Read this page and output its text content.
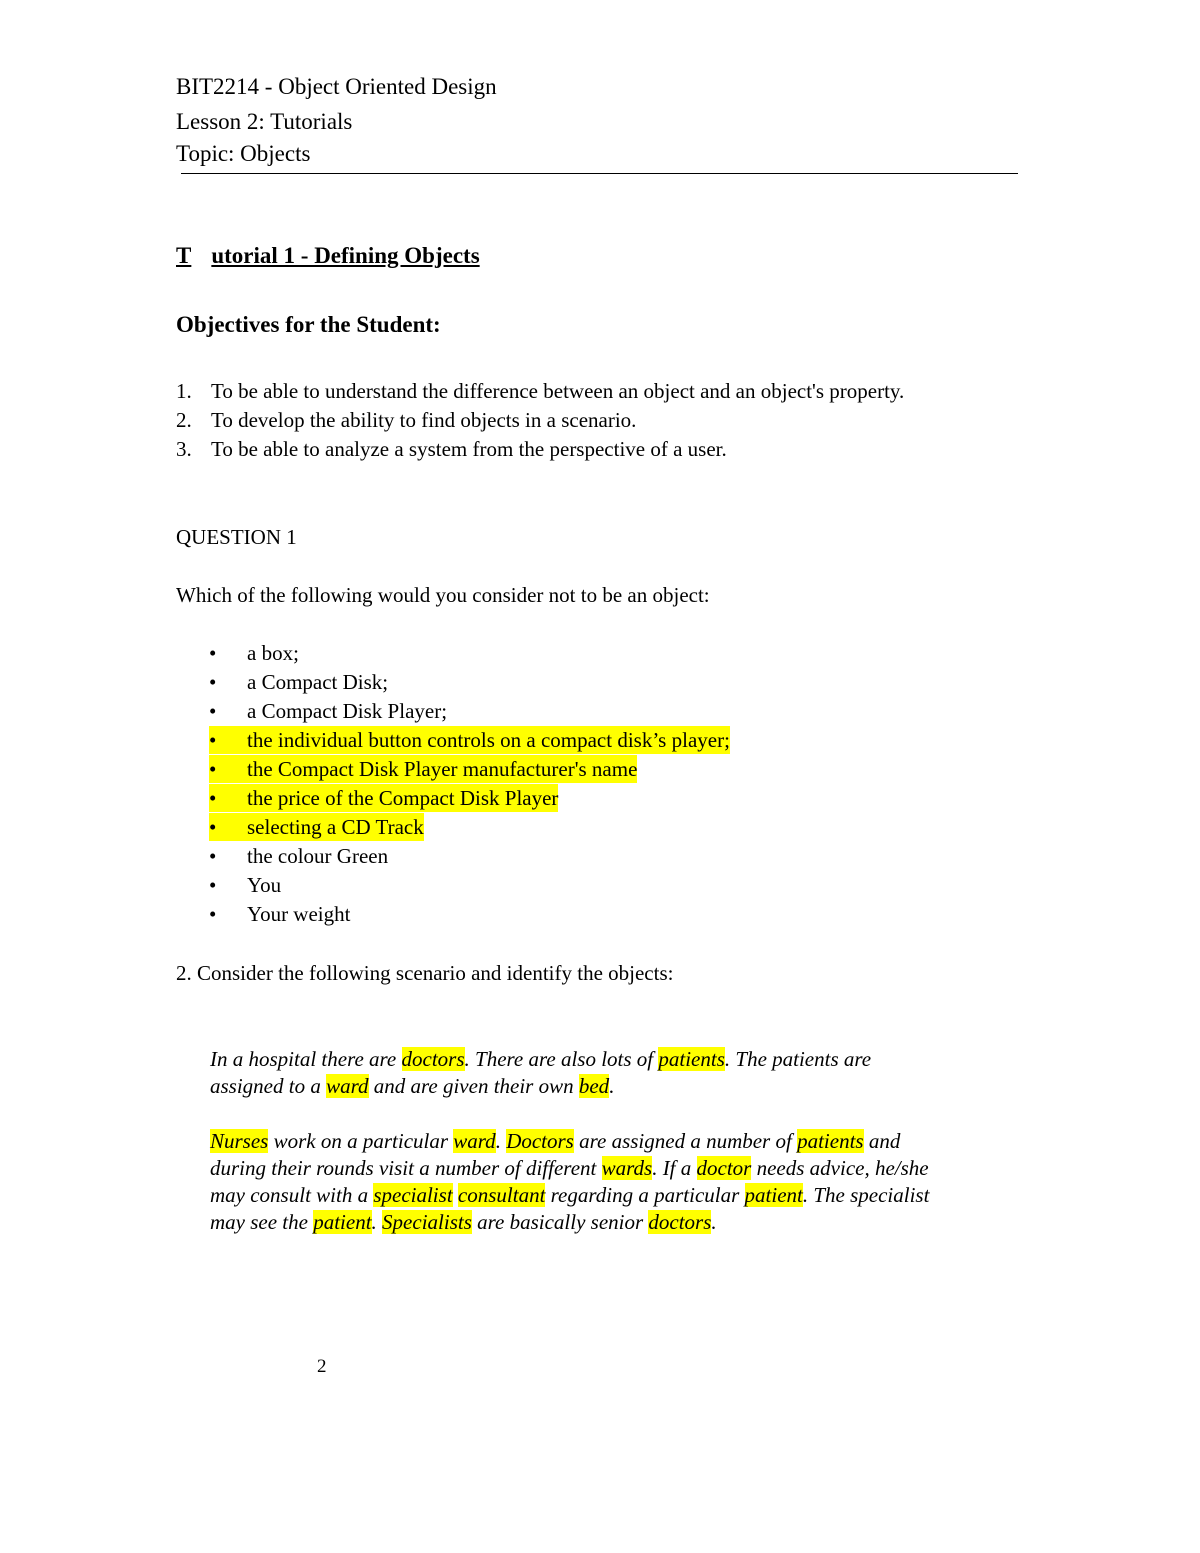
BIT2214 - Object Oriented Design
Lesson 2: Tutorials
Topic: Objects
T utorial 1 - Defining Objects
Objectives for the Student:
1. To be able to understand the difference between an object and an object's property.
2. To develop the ability to find objects in a scenario.
3. To be able to analyze a system from the perspective of a user.
QUESTION 1
Which of the following would you consider not to be an object:
• a box;
• a Compact Disk;
• a Compact Disk Player;
• the individual button controls on a compact disk’s player;
• the Compact Disk Player manufacturer's name
• the price of the Compact Disk Player
• selecting a CD Track
• the colour Green
• You
• Your weight
2. Consider the following scenario and identify the objects:
In a hospital there are doctors. There are also lots of patients. The patients are
assigned to a ward and are given their own bed.
Nurses work on a particular ward. Doctors are assigned a number of patients and
during their rounds visit a number of different wards. If a doctor needs advice, he/she
may consult with a specialist consultant regarding a particular patient. The specialist
may see the patient. Specialists are basically senior doctors.
2
